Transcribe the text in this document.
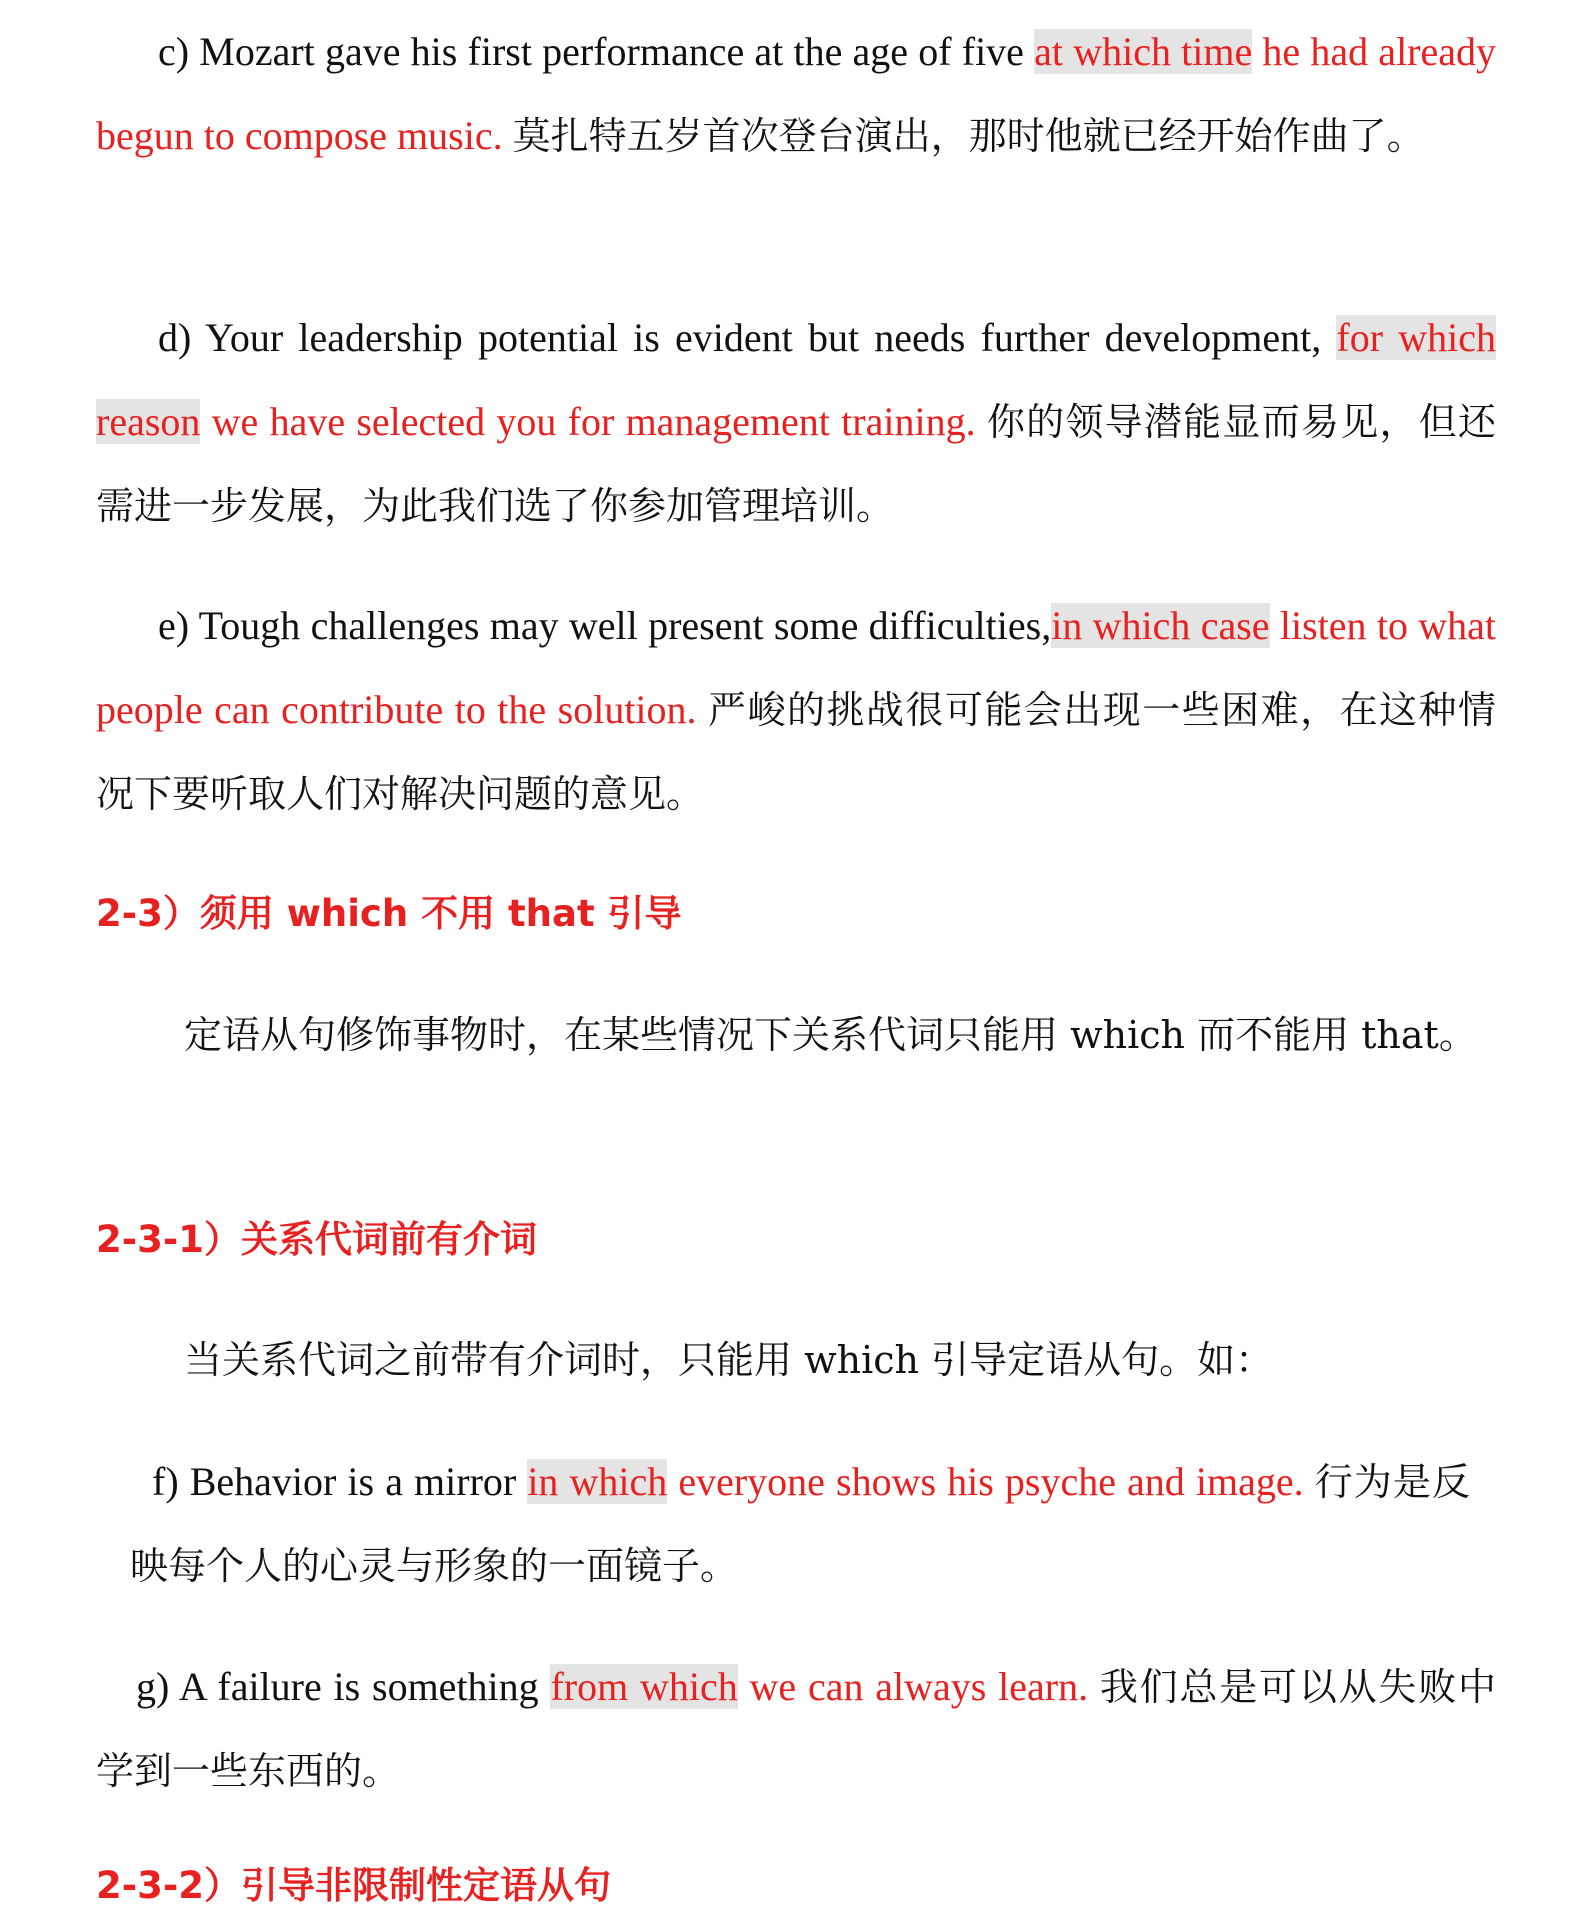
c) Mozart gave his first performance at the age of five at which time he had already begun to compose music. 莫扎特五岁首次登台演出，那时他就已经开始作曲了。

d) Your leadership potential is evident but needs further development, for which reason we have selected you for management training. 你的领导潜能显而易见，但还需进一步发展，为此我们选了你参加管理培训。

e) Tough challenges may well present some difficulties,in which case listen to what people can contribute to the solution. 严峻的挑战很可能会出现一些困难，在这种情况下要听取人们对解决问题的意见。

2-3）须用 which 不用 that 引导

定语从句修饰事物时，在某些情况下关系代词只能用 which 而不能用 that。

2-3-1）关系代词前有介词

当关系代词之前带有介词时，只能用 which 引导定语从句。如：

f) Behavior is a mirror in which everyone shows his psyche and image. 行为是反映每个人的心灵与形象的一面镜子。

g) A failure is something from which we can always learn. 我们总是可以从失败中学到一些东西的。

2-3-2）引导非限制性定语从句
